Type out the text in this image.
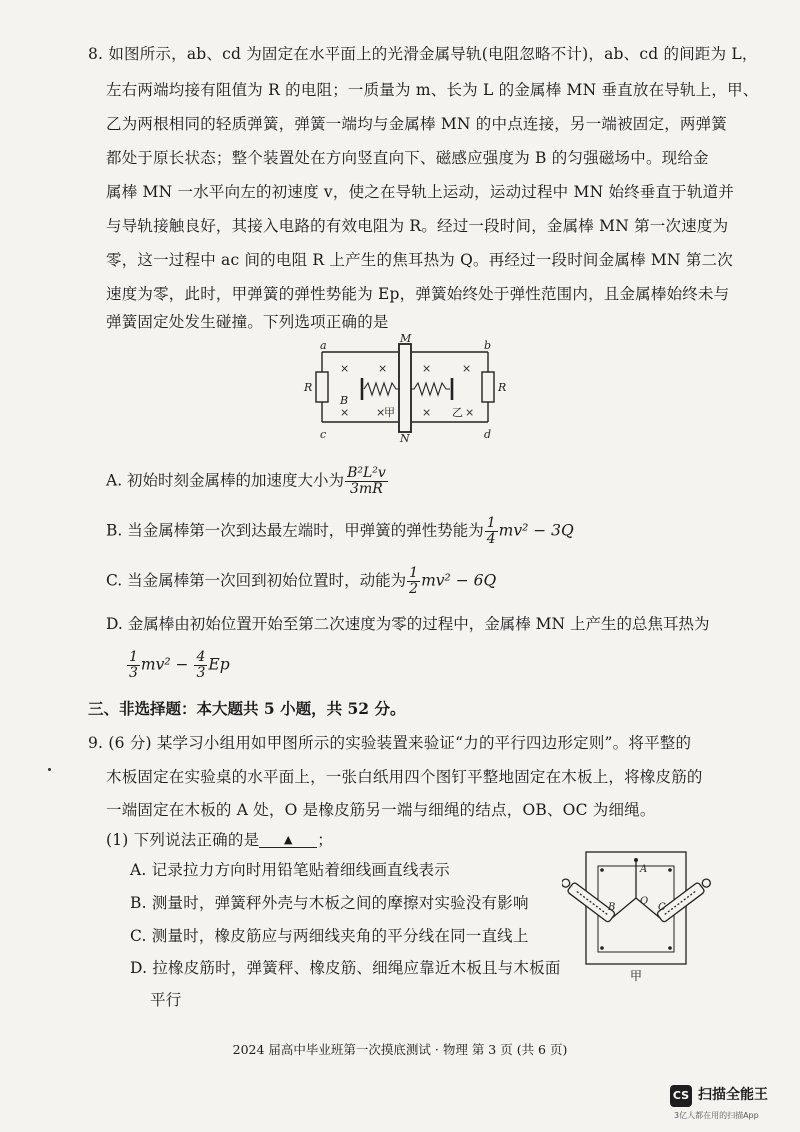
8. 如图所示，ab、cd 为固定在水平面上的光滑金属导轨(电阻忽略不计)，ab、cd 的间距为 L，
左右两端均接有阻值为 R 的电阻；一质量为 m、长为 L 的金属棒 MN 垂直放在导轨上，甲、
乙为两根相同的轻质弹簧，弹簧一端均与金属棒 MN 的中点连接，另一端被固定，两弹簧
都处于原长状态；整个装置处在方向竖直向下、磁感应强度为 B 的匀强磁场中。现给金
属棒 MN 一水平向左的初速度 v，使之在导轨上运动，运动过程中 MN 始终垂直于轨道并
与导轨接触良好，其接入电路的有效电阻为 R。经过一段时间，金属棒 MN 第一次速度为
零，这一过程中 ac 间的电阻 R 上产生的焦耳热为 Q。再经过一段时间金属棒 MN 第二次
速度为零，此时，甲弹簧的弹性势能为 Ep，弹簧始终处于弹性范围内，且金属棒始终未与
弹簧固定处发生碰撞。下列选项正确的是
a	b
c	d
M
N
R	R
B
×	×
× ×
甲
×	×
× 乙 ×
A. 初始时刻金属棒的加速度大小为 $\frac{\text{B²L²v}}{3mR}$
B. 当金属棒第一次到达最左端时，甲弹簧的弹性势能为 $\frac{1}{4} mv^2 - 3Q$
C. 当金属棒第一次回到初始位置时，动能为 $\frac{1}{2} mv^2 - 6Q$
D. 金属棒由初始位置开始至第二次速度为零的过程中，金属棒 MN 上产生的总焦耳热为
$\frac{1}{3} mv^2 - \frac{4}{3}$ Ep
三、非选择题：本大题共 5 小题，共 52 分。
9. (6 分) 某学习小组用如甲图所示的实验装置来验证“力的平行四边形定则”。将平整的
木板固定在实验桌的水平面上，一张白纸用四个图钉平整地固定在木板上，将橡皮筋的
一端固定在木板的 A 处，O 是橡皮筋另一端与细绳的结点，OB、OC 为细绳。
(1) 下列说法正确的是 ▲ ；
A. 记录拉力方向时用铅笔贴着细线画直线表示
B. 测量时，弹簧秤外壳与木板之间的摩擦对实验没有影响
C. 测量时，橡皮筋应与两细线夹角的平分线在同一直线上
D. 拉橡皮筋时，弹簧秤、橡皮筋、细绳应靠近木板且与木板面
平行
A
O
B	C
甲
2024 届高中毕业班第一次摸底测试 · 物理 第 3 页 (共 6 页)
CS 扫描全能王
3亿人都在用的扫描App
